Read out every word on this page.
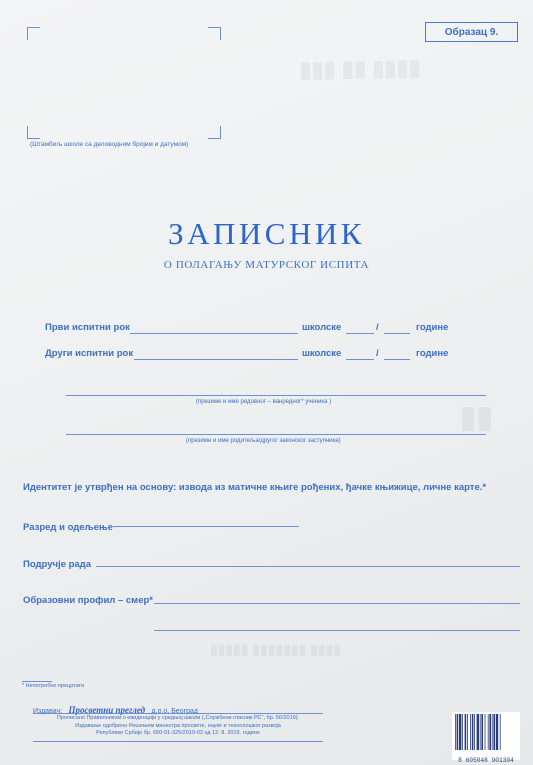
▮▮▮ ▮▮ ▮▮▮▮
▮▮
▮▮▮▮▮ ▮▮▮▮▮▮▮ ▮▮▮▮
Образац 9.
(Штамбиљ школе са деловодним бројем и датумом)
ЗАПИСНИК
О ПОЛАГАЊУ МАТУРСКОГ ИСПИТА
Први испитни рок	школске	/	године
Други испитни рок	школске	/	године
(презиме и име редовног – ванредног* ученика )
(презиме и име родитеља/другог законског заступника)
Идентитет је утврђен на основу: извода из матичне књиге рођених, ђачке књижице, личне карте.*
Разред и одељење
Подручје рада
Образовни профил – смер*
* Непотребно прецртати
Издавач: Просветни преглед д.о.о. Београд
Прописано Правилником о евиденцији у средњој школи („Службени гласник РС", бр. 56/2019).
Издавање одобрено Решењем министра просвете, науке и технолошког развоја
Републике Србије бр. 650-01-325/2019-03 од 12. 8. 2019. године
8 605048 901304
